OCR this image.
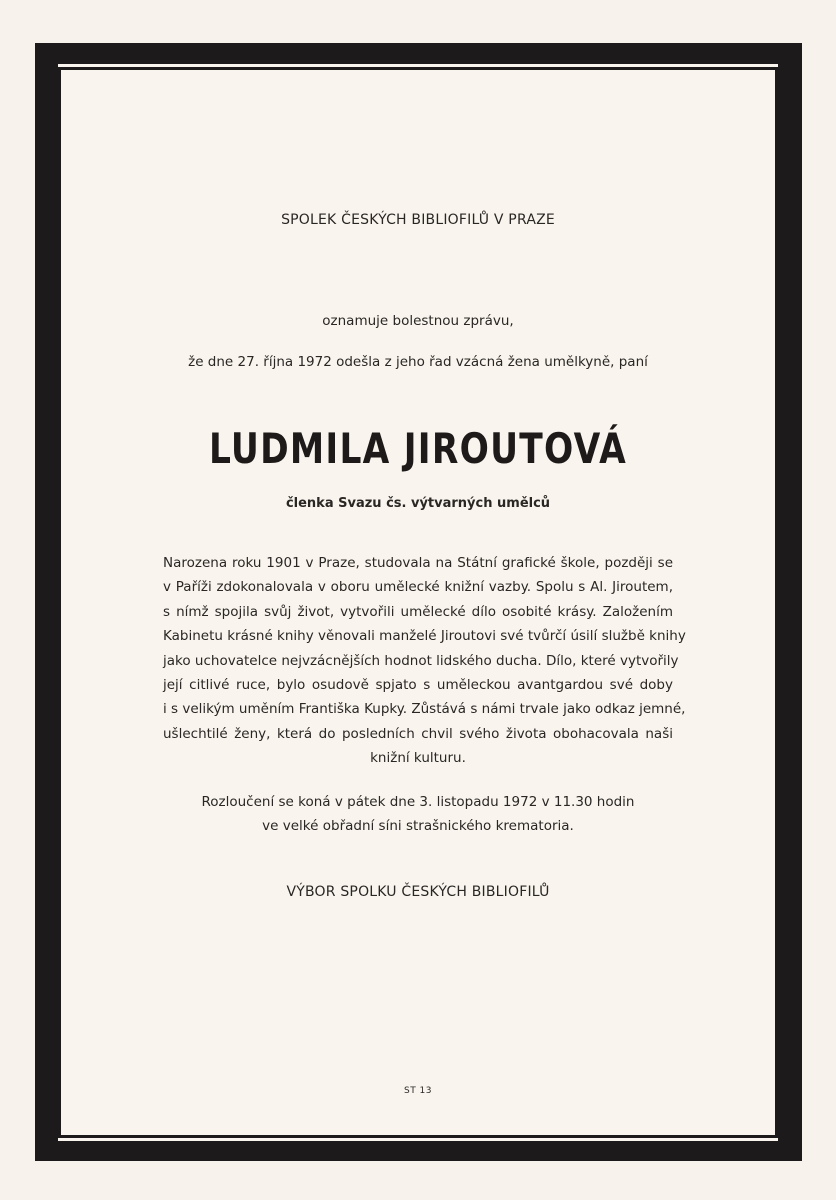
SPOLEK ČESKÝCH BIBLIOFILŮ V PRAZE
oznamuje bolestnou zprávu,
že dne 27. října 1972 odešla z jeho řad vzácná žena umělkyně, paní
LUDMILA JIROUTOVÁ
členka Svazu čs. výtvarných umělců

Narozena roku 1901 v Praze, studovala na Státní grafické škole, později se
v Paříži zdokonalovala v oboru umělecké knižní vazby. Spolu s Al. Jiroutem,
s nímž spojila svůj život, vytvořili umělecké dílo osobité krásy. Založením
Kabinetu krásné knihy věnovali manželé Jiroutovi své tvůrčí úsilí službě knihy
jako uchovatelce nejvzácnějších hodnot lidského ducha. Dílo, které vytvořily
její citlivé ruce, bylo osudově spjato s uměleckou avantgardou své doby
i s velikým uměním Františka Kupky. Zůstává s námi trvale jako odkaz jemné,
ušlechtilé ženy, která do posledních chvil svého života obohacovala naši
knižní kulturu.

Rozloučení se koná v pátek dne 3. listopadu 1972 v 11.30 hodin
ve velké obřadní síni strašnického krematoria.
VÝBOR SPOLKU ČESKÝCH BIBLIOFILŮ
ST 13
